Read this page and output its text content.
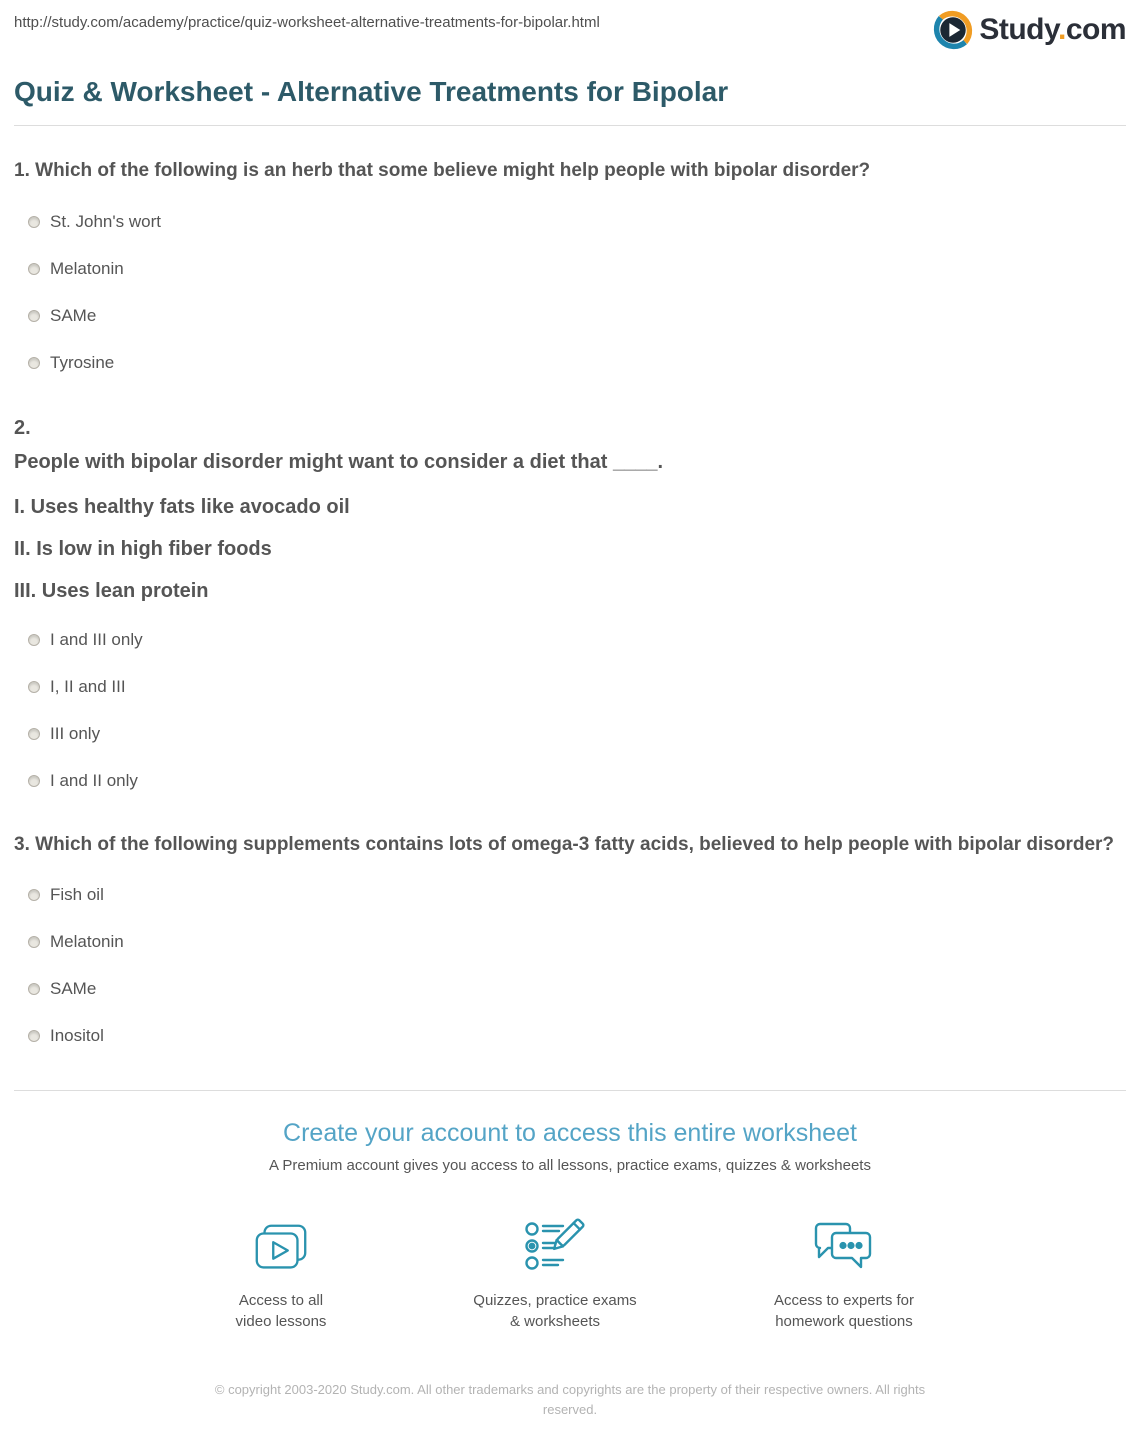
http://study.com/academy/practice/quiz-worksheet-alternative-treatments-for-bipolar.html	Study.com
Quiz & Worksheet - Alternative Treatments for Bipolar
1. Which of the following is an herb that some believe might help people with bipolar disorder?
St. John's wort
Melatonin
SAMe
Tyrosine
2.
People with bipolar disorder might want to consider a diet that ____.
I. Uses healthy fats like avocado oil
II. Is low in high fiber foods
III. Uses lean protein
I and III only
I, II and III
III only
I and II only
3. Which of the following supplements contains lots of omega-3 fatty acids, believed to help people with bipolar disorder?
Fish oil
Melatonin
SAMe
Inositol
Create your account to access this entire worksheet
A Premium account gives you access to all lessons, practice exams, quizzes & worksheets
Access to all
video lessons
Quizzes, practice exams
& worksheets
Access to experts for
homework questions
© copyright 2003-2020 Study.com. All other trademarks and copyrights are the property of their respective owners. All rights reserved.
